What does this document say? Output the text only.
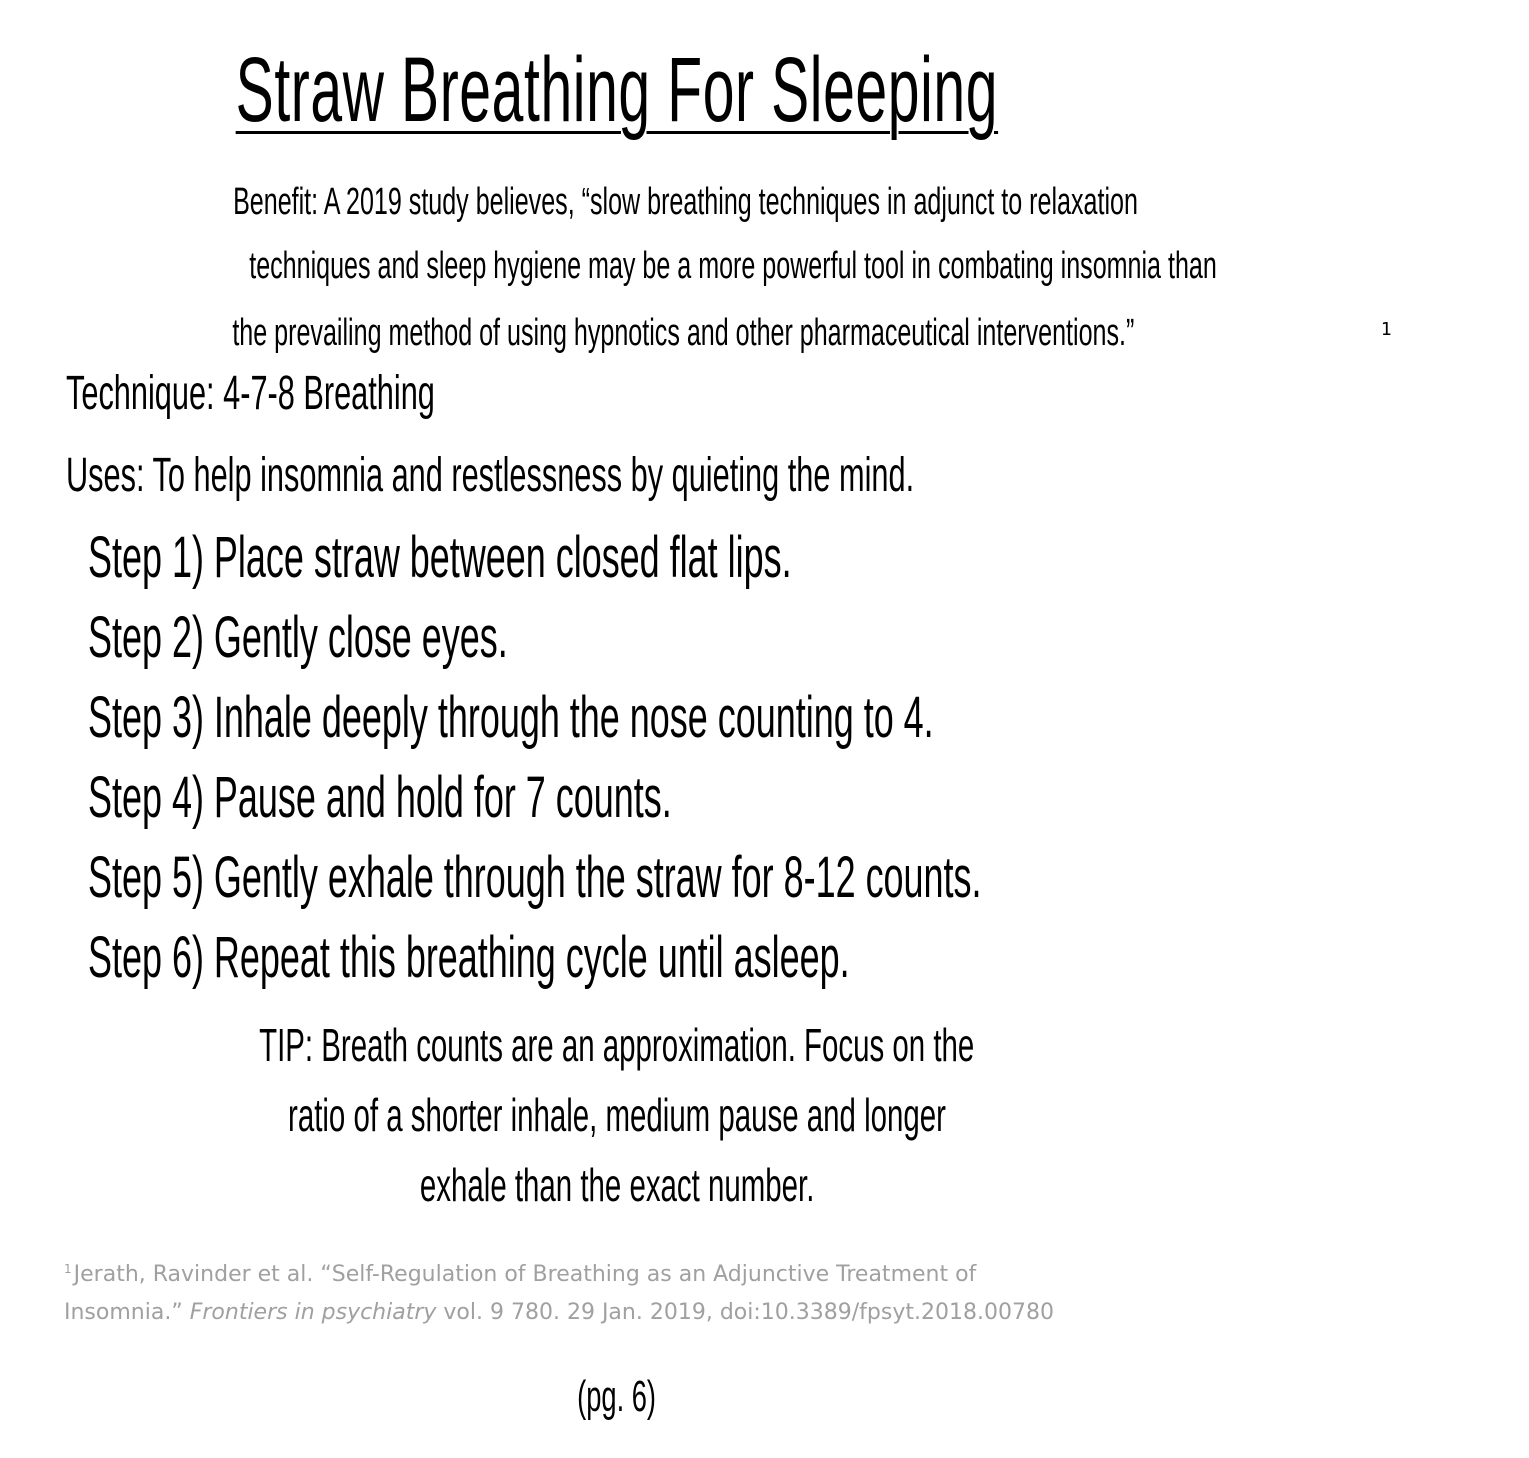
Straw Breathing For Sleeping
Benefit: A 2019 study believes, “slow breathing techniques in adjunct to relaxation
techniques and sleep hygiene may be a more powerful tool in combating insomnia than
the prevailing method of using hypnotics and other pharmaceutical interventions.”	$^1$
Technique: 4-7-8 Breathing
Uses: To help insomnia and restlessness by quieting the mind.
Step 1) Place straw between closed flat lips.
Step 2) Gently close eyes.
Step 3) Inhale deeply through the nose counting to 4.
Step 4) Pause and hold for 7 counts.
Step 5) Gently exhale through the straw for 8-12 counts.
Step 6) Repeat this breathing cycle until asleep.
TIP: Breath counts are an approximation. Focus on the
ratio of a shorter inhale, medium pause and longer
exhale than the exact number.
$^1$Jerath, Ravinder et al. “Self-Regulation of Breathing as an Adjunctive Treatment of
Insomnia.” Frontiers in psychiatry vol. 9 780. 29 Jan. 2019, doi:10.3389/fpsyt.2018.00780
(pg. 6)
